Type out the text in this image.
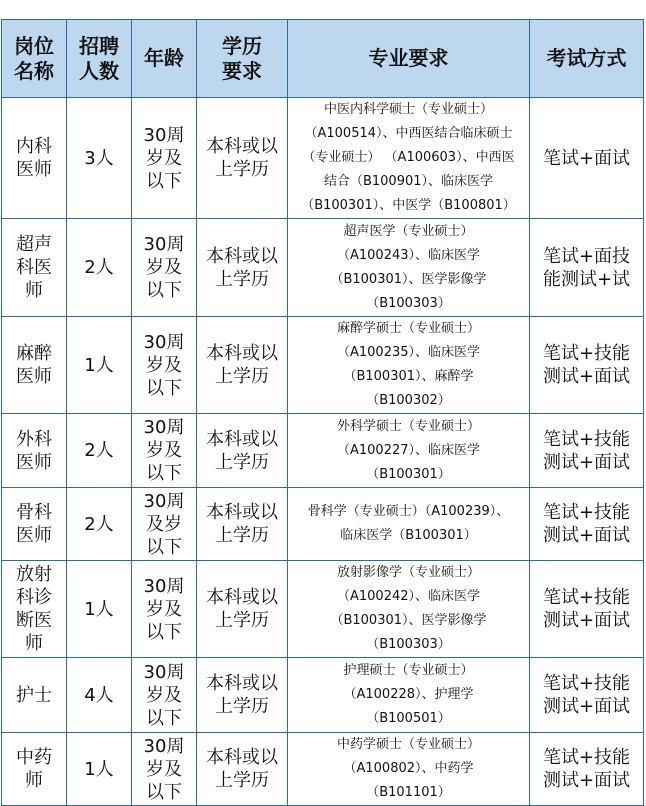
岗位
名称	招聘
人数	年龄	学历
要求	专业要求	考试方式

内科
医师	3人	30周
岁及
以下	本科或以
上学历	中医内科学硕士（专业硕士）
（A100514）、中西医结合临床硕士
（专业硕士） （A100603）、中西医
结合（B100901）、临床医学
（B100301）、中医学（B100801）	笔试+面试

超声
科医
师	2人	30周
岁及
以下	本科或以
上学历	超声医学（专业硕士）
（A100243）、临床医学
（B100301）、医学影像学
（B100303）	笔试+面技
能测试+试

麻醉
医师	1人	30周
岁及
以下	本科或以
上学历	麻醉学硕士（专业硕士）
（A100235）、临床医学
（B100301）、麻醉学
（B100302）	笔试+技能
测试+面试

外科
医师	2人	30周
岁及
以下	本科或以
上学历	外科学硕士（专业硕士）
（A100227）、临床医学
（B100301）	笔试+技能
测试+面试

骨科
医师	2人	30周
及岁
以下	本科或以
上学历	骨科学（专业硕士）（A100239）、
临床医学（B100301）	笔试+技能
测试+面试

放射
科诊
断医
师	1人	30周
岁及
以下	本科或以
上学历	放射影像学（专业硕士）
（A100242）、临床医学
（B100301）、医学影像学
（B100303）	笔试+技能
测试+面试

护士	4人	30周
岁及
以下	本科或以
上学历	护理硕士（专业硕士）
（A100228）、护理学
（B100501）	笔试+技能
测试+面试

中药
师	1人	30周
岁及
以下	本科或以
上学历	中药学硕士（专业硕士）
（A100802）、中药学
（B101101）	笔试+技能
测试+面试
